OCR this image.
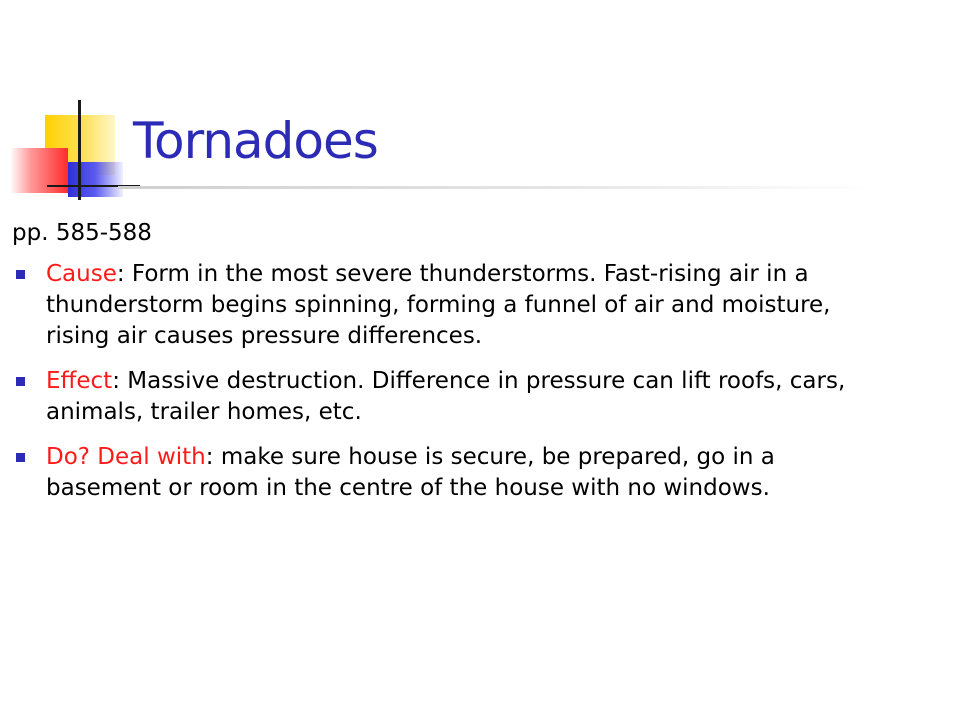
Tornadoes
pp. 585-588
Cause: Form in the most severe thunderstorms. Fast-rising air in a thunderstorm begins spinning, forming a funnel of air and moisture, rising air causes pressure differences.
Effect: Massive destruction. Difference in pressure can lift roofs, cars, animals, trailer homes, etc.
Do? Deal with: make sure house is secure, be prepared, go in a basement or room in the centre of the house with no windows.
